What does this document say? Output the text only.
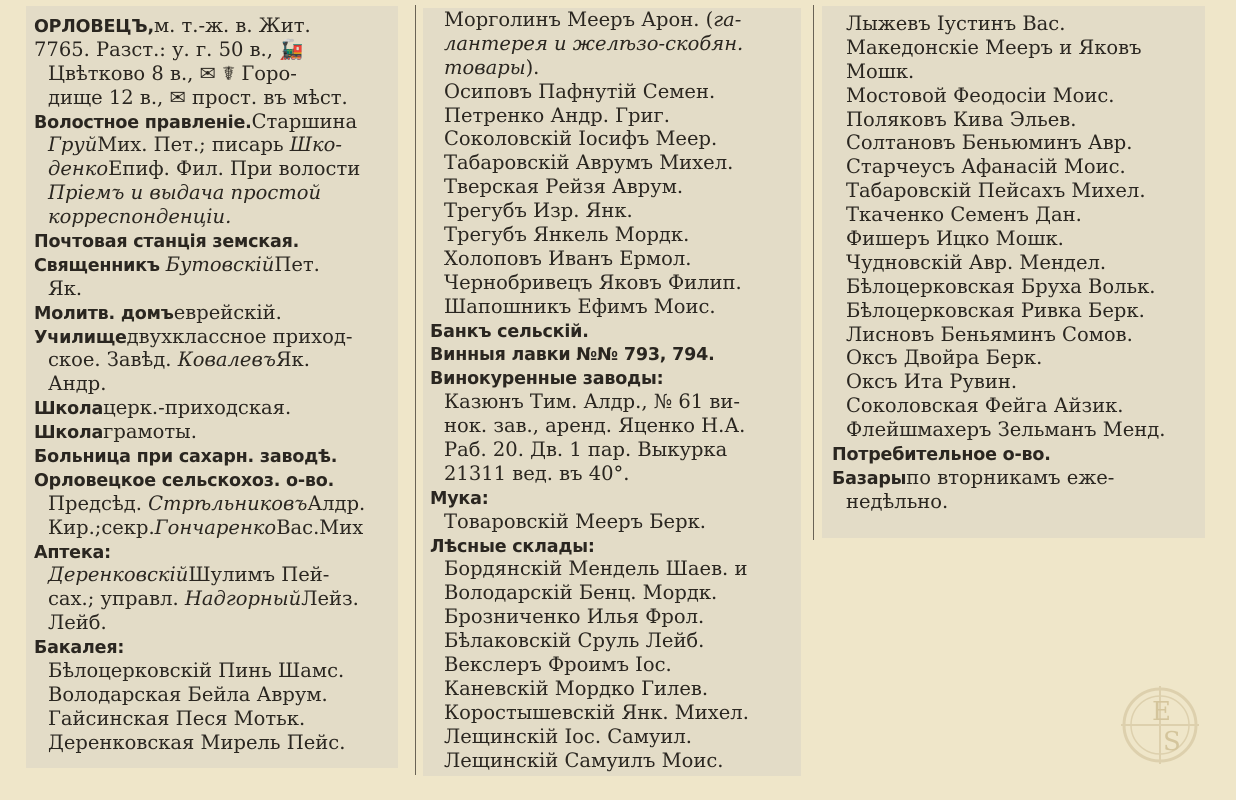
ОРЛОВЕЦЪ,м. т.-ж. в. Жит.
7765. Разст.: у. г. 50 в., 🚂
Цвѣтково 8 в., ✉ ☤ Горо-
дище 12 в., ✉ прост. въ мѣст.
Волостное правленіе.Старшина
ГруйМих. Пет.; писарь Шко-
денкоЕпиф. Фил. При волости
Пріемъ и выдача простой
корреспонденціи.
Почтовая станція земская.
Священникъ БутовскійПет.
Як.
Молитв. домъеврейскій.
Училищедвухклассное приход-
ское. Завѣд. КовалевъЯк.
Андр.
Школацерк.-приходская.
Школаграмоты.
Больница при сахарн. заводѣ.
Орловецкое сельскохоз. о-во.
Предсѣд. СтрѣльниковъАлдр.
Кир.;секр.ГончаренкоВас.Мих
Аптека:
ДеренковскійШулимъ Пей-
сах.; управл. НадгорныйЛейз.
Лейб.
Бакалея:
Бѣлоцерковскій Пинь Шамс.
Володарская Бейла Аврум.
Гайсинская Песя Мотьк.
Деренковская Мирель Пейс.
Морголинъ Мееръ Арон. (га-
лантерея и желѣзо-скобян.
товары).
Осиповъ Пафнутій Семен.
Петренко Андр. Григ.
Соколовскій Іосифъ Меер.
Табаровскій Аврумъ Михел.
Тверская Рейзя Аврум.
Трегубъ Изр. Янк.
Трегубъ Янкель Мордк.
Холоповъ Иванъ Ермол.
Чернобривецъ Яковъ Филип.
Шапошникъ Ефимъ Моис.
Банкъ сельскій.
Винныя лавки №№ 793, 794.
Винокуренные заводы:
Казюнъ Тим. Алдр., № 61 ви-
нок. зав., аренд. Яценко Н.А.
Раб. 20. Дв. 1 пар. Выкурка
21311 вед. въ 40°.
Мука:
Товаровскій Мееръ Берк.
Лѣсные склады:
Бордянскій Мендель Шаев. и
Володарскій Бенц. Мордк.
Брозниченко Илья Фрол.
Бѣлаковскій Сруль Лейб.
Векслеръ Фроимъ Іос.
Каневскій Мордко Гилев.
Коростышевскій Янк. Михел.
Лещинскій Іос. Самуил.
Лещинскій Самуилъ Моис.
Лыжевъ Іустинъ Вас.
Македонскіе Мееръ и Яковъ
Мошк.
Мостовой Феодосіи Моис.
Поляковъ Кива Эльев.
Солтановъ Беньюминъ Авр.
Старчеусъ Афанасій Моис.
Табаровскій Пейсахъ Михел.
Ткаченко Семенъ Дан.
Фишеръ Ицко Мошк.
Чудновскій Авр. Мендел.
Бѣлоцерковская Бруха Вольк.
Бѣлоцерковская Ривка Берк.
Лисновъ Беньяминъ Сомов.
Оксъ Двойра Берк.
Оксъ Ита Рувин.
Соколовская Фейга Айзик.
Флейшмахеръ Зельманъ Менд.
Потребительное о-во.
Базарыпо вторникамъ еже-
недѣльно.
E
S
